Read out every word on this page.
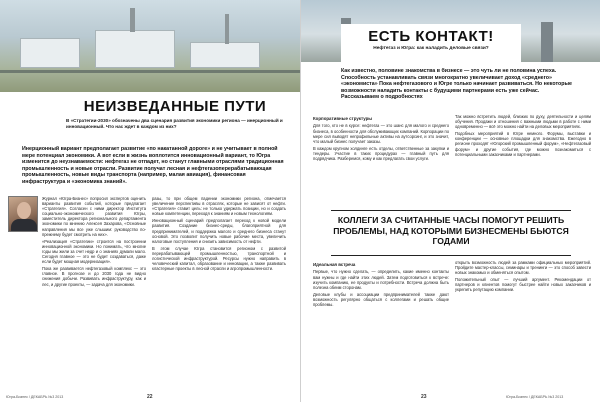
НЕИЗВЕДАННЫЕ ПУТИ
В «Стратегии-2030» обозначены два сценария развития экономики региона — инерционный и инновационный. Что нас ждет в каждом из них?
Инерционный вариант предполагает развитие «по накатанной дороге» и не учитывает в полной мере потенциал экономики. А вот если в жизнь воплотится инновационный вариант, то Югра изменится до неузнаваемости: нефтегаз не отпадет, но станут главными отраслями традиционная промышленность и новые отрасли. Развитие получат лесная и нефтегазоперерабатывающая промышленность, новые виды транспорта (например, малая авиация), финансовая инфраструктура и «экономика знаний».

Журнал «Югра-Бизнес» попросил экспертов оценить варианты развития событий, которые предлагает «Стратегия». Согласен с ними директор Института социально-экономического развития Югры, заместитель директора регионального департамента экономики по мнению Алексея Захарова, «Основные направления мы все уже слышим: руководство по-прежнему будет смотреть на них».

«Реализация «Стратегии» строится на построении инновационной экономики. Но понимать, что многие годы мы жили за счет недр и о знаниях думали мало. Сегодня главное — это не будет создаваться, даже если будет мощная модернизация».

Пока же развивается нефтегазовый комплекс — это главное. В прогнозе и до 2030 года не видно снижения добычи. Развивать инфраструктуру, как и лес, и другие проекты, — задача для экономики.

разы, то при общем падении экономики региона, отмечается увеличение перспективы в отраслях, которые не зависят от нефти. «Стратегия» ставит цель: не только удержать позиции, но и создать новые компетенции, переходя к знаниям и новым технологиям.

Инновационный сценарий предполагает переход к новой модели развития. Создание бизнес-среды, благоприятной для предпринимателей, и поддержка малого и среднего бизнеса станут основой. Это позволит получить новые рабочие места, увеличить налоговые поступления и снизить зависимость от нефти.

В этом случае Югра становится регионом с развитой перерабатывающей промышленностью, транспортной и логистической инфраструктурой. Ресурсы нужно направить в человеческий капитал, образование и инновации, а также развивать кластерные проекты в лесной отрасли и агропромышленности.

Югра-Бизнес / ДЕКАБРЬ №3 2013	22
ЕСТЬ КОНТАКТ!
Нефтегаз и Югра: как наладить деловые связи?
Как известно, половине знакомства в бизнесе — это чуть ли не половина успеха. Способность устанавливать связи многократно увеличивает доход «среднего» «экономиста» Пока нефтегазового и Югре только начинает развиваться. Но некоторые возможности наладить контакты с будущими партнерами есть уже сейчас. Рассказываем о подробностях
Корпоративные структуры

Для того, кто не в курсе: нефтегаз — это шанс для малого и среднего бизнеса, в особенности для обслуживающих компаний. Корпорации по мере сил выводят непрофильные активы на аутсорсинг, и это значит, что малый бизнес получает заказы.

В каждом крупном холдинге есть отделы, ответственные за закупки и тендеры. Участие в таких процедурах — главный путь для подрядчика. Разберемся, кому и как предлагать свои услуги.

Так можно встретить людей, близких по духу, деятельности и целям обучения. Продажи и отношения с важными людьми в работе с ними одновременно — всё это можно найти на деловых мероприятиях.

Подобных мероприятий в Югре немного. Форумы, выставки и конференции — основные площадки для знакомства. Ежегодно в регионе проходят «Югорский промышленный форум», «Нефтегазовый форум» и другие события, где можно познакомиться с потенциальными заказчиками и партнерами.

КОЛЛЕГИ ЗА СЧИТАННЫЕ ЧАСЫ ПОМОГУТ РЕШИТЬ ПРОБЛЕМЫ, НАД КОТОРЫМИ БИЗНЕСМЕНЫ БЬЮТСЯ ГОДАМИ
Идеальная встреча

Первые, что нужно сделать, — определить, какие именно контакты вам нужны и где найти этих людей. Затем подготовиться к встрече: изучить компанию, ее продукты и потребности. Встреча должна быть полезна обеим сторонам.

Деловые клубы и ассоциации предпринимателей также дают возможность регулярно общаться с коллегами и решать общие проблемы.

открыть возможность людей за рамками официальных мероприятий. Пройдите мастер-классы, семинары и тренинги — это способ завести новых знакомых и обменяться опытом.

Положительный опыт — лучший аргумент. Рекомендации от партнеров и клиентов помогут быстрее найти новых заказчиков и укрепить репутацию компании.

23	Югра-Бизнес / ДЕКАБРЬ №3 2013
